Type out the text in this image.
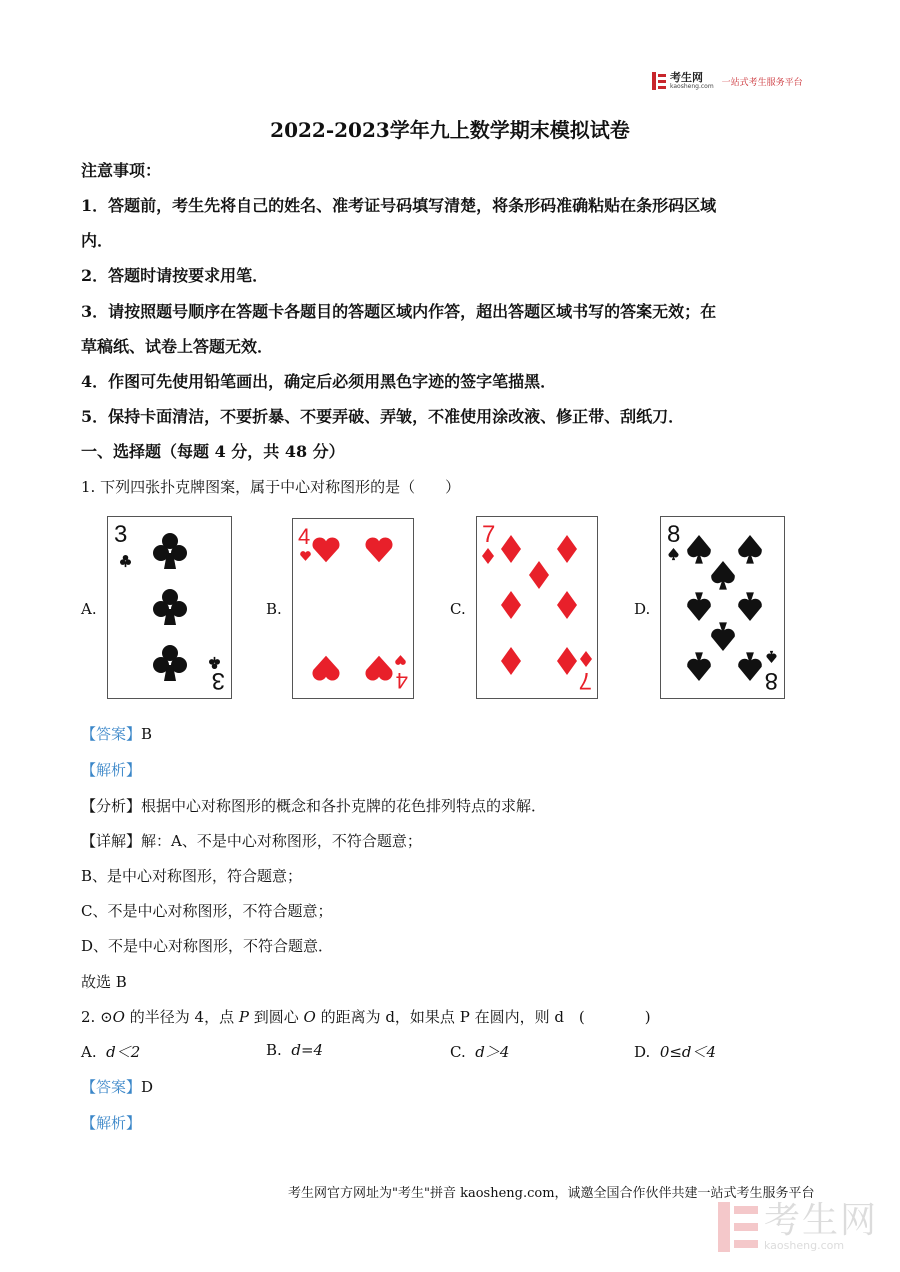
考生网
kaosheng.com 一站式考生服务平台
2022-2023学年九上数学期末模拟试卷
注意事项：
1．答题前，考生先将自己的姓名、准考证号码填写清楚，将条形码准确粘贴在条形码区域
内．
2．答题时请按要求用笔．
3．请按照题号顺序在答题卡各题目的答题区域内作答，超出答题区域书写的答案无效；在
草稿纸、试卷上答题无效．
4．作图可先使用铅笔画出，确定后必须用黑色字迹的签字笔描黑．
5．保持卡面清洁，不要折暴、不要弄破、弄皱，不准使用涂改液、修正带、刮纸刀．
一、选择题（每题 4 分，共 48 分）
1. 下列四张扑克牌图案，属于中心对称图形的是（　　）
A.
3
3
B.
4
4
C.
7
7
D.
8
8
【答案】B
【解析】
【分析】根据中心对称图形的概念和各扑克牌的花色排列特点的求解．
【详解】解：A、不是中心对称图形，不符合题意；
B、是中心对称图形，符合题意；
C、不是中心对称图形，不符合题意；
D、不是中心对称图形，不符合题意．
故选 B
2. ⊙O 的半径为 4，点 P 到圆心 O 的距离为 d，如果点 P 在圆内，则 d　(　　　　)
A. d＜2	B. d=4	C. d＞4	D. 0≤d＜4
【答案】D
【解析】
考生网官方网址为"考生"拼音 kaosheng.com，诚邀全国合作伙伴共建一站式考生服务平台
考生网
kaosheng.com
